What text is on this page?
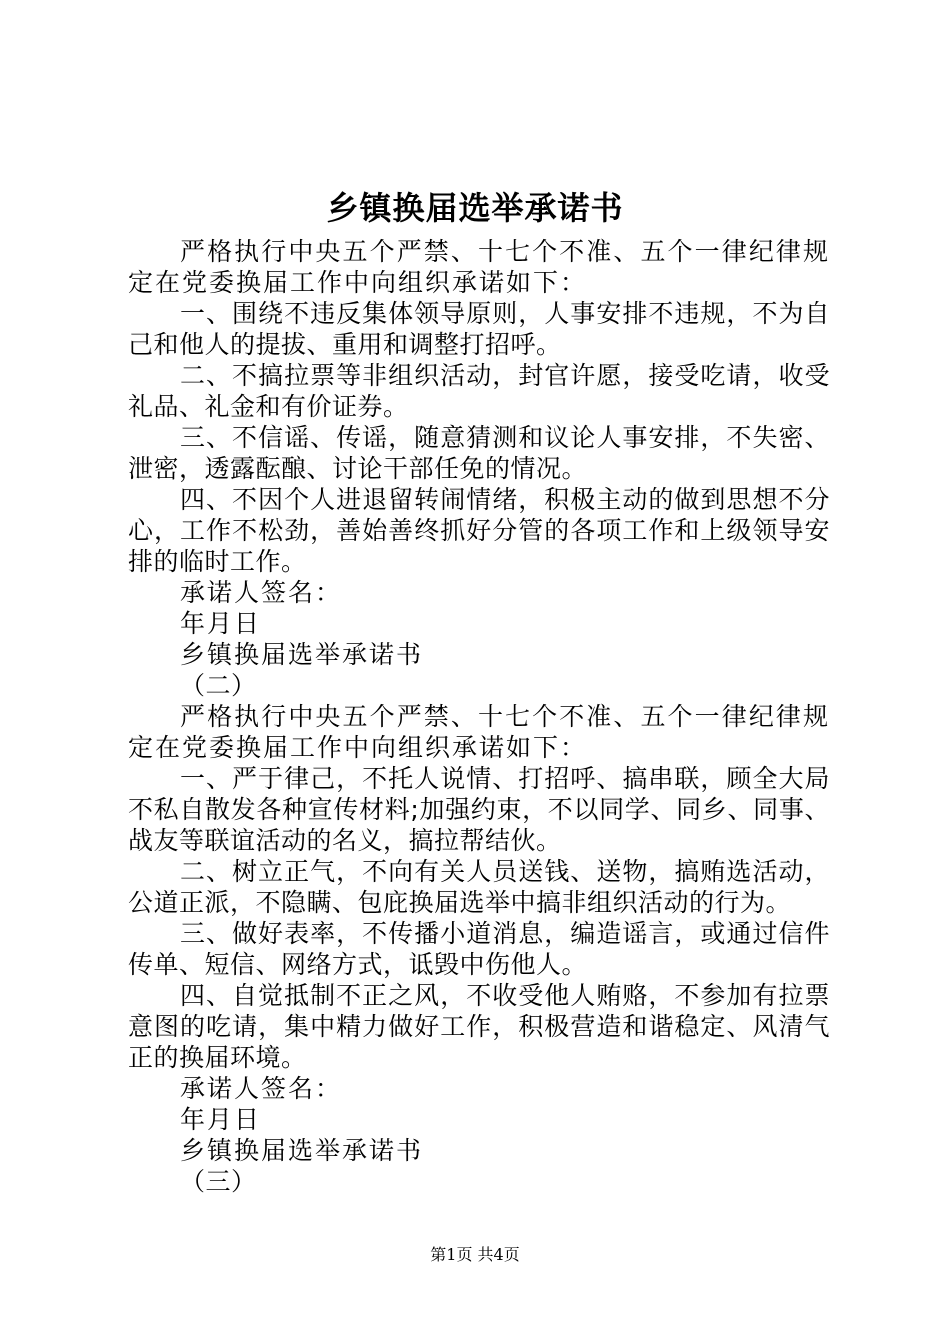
乡镇换届选举承诺书

严格执行中央五个严禁、十七个不准、五个一律纪律规定在党委换届工作中向组织承诺如下：

一、围绕不违反集体领导原则，人事安排不违规，不为自己和他人的提拔、重用和调整打招呼。

二、不搞拉票等非组织活动，封官许愿，接受吃请，收受礼品、礼金和有价证券。

三、不信谣、传谣，随意猜测和议论人事安排，不失密、泄密，透露酝酿、讨论干部任免的情况。

四、不因个人进退留转闹情绪，积极主动的做到思想不分心，工作不松劲，善始善终抓好分管的各项工作和上级领导安排的临时工作。

承诺人签名：

年月日

乡镇换届选举承诺书

（二）

严格执行中央五个严禁、十七个不准、五个一律纪律规定在党委换届工作中向组织承诺如下：

一、严于律己，不托人说情、打招呼、搞串联，顾全大局不私自散发各种宣传材料;加强约束，不以同学、同乡、同事、战友等联谊活动的名义，搞拉帮结伙。

二、树立正气，不向有关人员送钱、送物，搞贿选活动，公道正派，不隐瞒、包庇换届选举中搞非组织活动的行为。

三、做好表率，不传播小道消息，编造谣言，或通过信件传单、短信、网络方式，诋毁中伤他人。

四、自觉抵制不正之风，不收受他人贿赂，不参加有拉票意图的吃请，集中精力做好工作，积极营造和谐稳定、风清气正的换届环境。

承诺人签名：

年月日

乡镇换届选举承诺书

（三）

第1页 共4页
